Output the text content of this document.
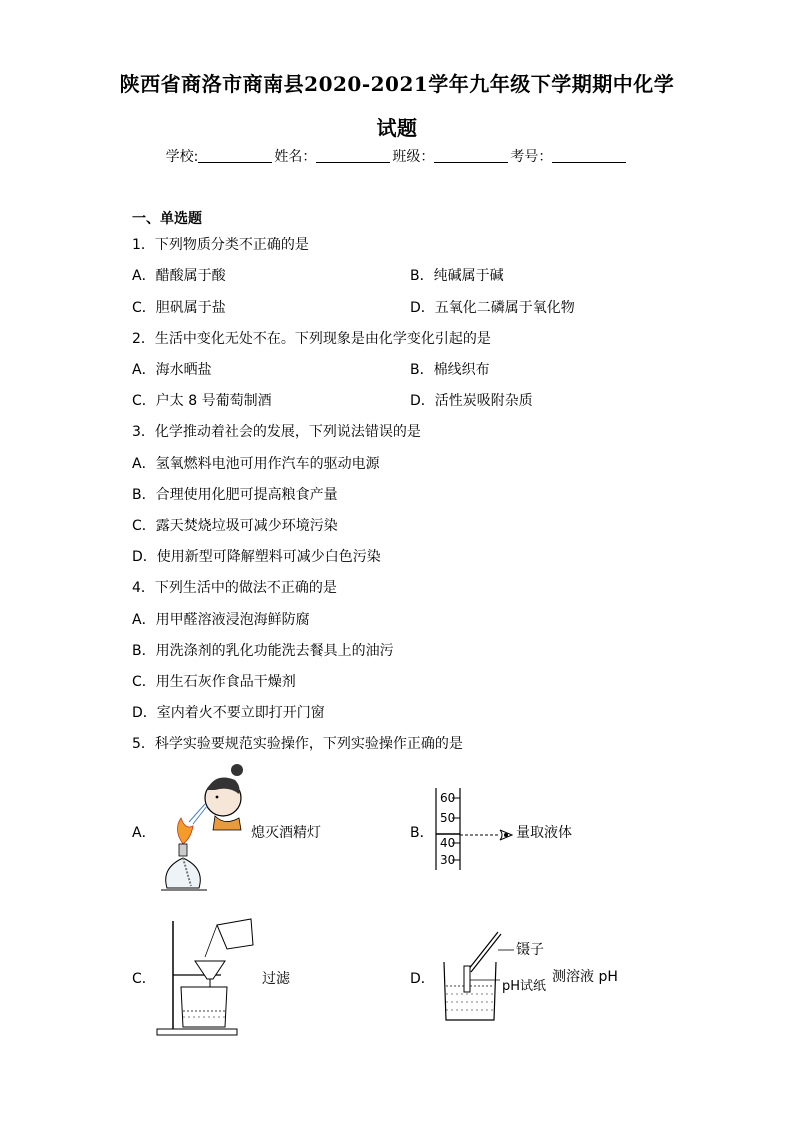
陕西省商洛市商南县2020-2021学年九年级下学期期中化学
试题
学校:	姓名：	班级：	考号：
一、单选题
1．下列物质分类不正确的是
A．醋酸属于酸	B．纯碱属于碱
C．胆矾属于盐	D．五氧化二磷属于氧化物
2．生活中变化无处不在。下列现象是由化学变化引起的是
A．海水晒盐	B．棉线织布
C．户太 8 号葡萄制酒	D．活性炭吸附杂质
3．化学推动着社会的发展，下列说法错误的是
A．氢氧燃料电池可用作汽车的驱动电源
B．合理使用化肥可提高粮食产量
C．露天焚烧垃圾可减少环境污染
D．使用新型可降解塑料可减少白色污染
4．下列生活中的做法不正确的是
A．用甲醛溶液浸泡海鲜防腐
B．用洗涤剂的乳化功能洗去餐具上的油污
C．用生石灰作食品干燥剂
D．室内着火不要立即打开门窗
5．科学实验要规范实验操作，下列实验操作正确的是
A．	B．
C．	D．
熄灭酒精灯
60
50
40
30
量取液体
过滤
镊子
pH试纸
测溶液 pH
